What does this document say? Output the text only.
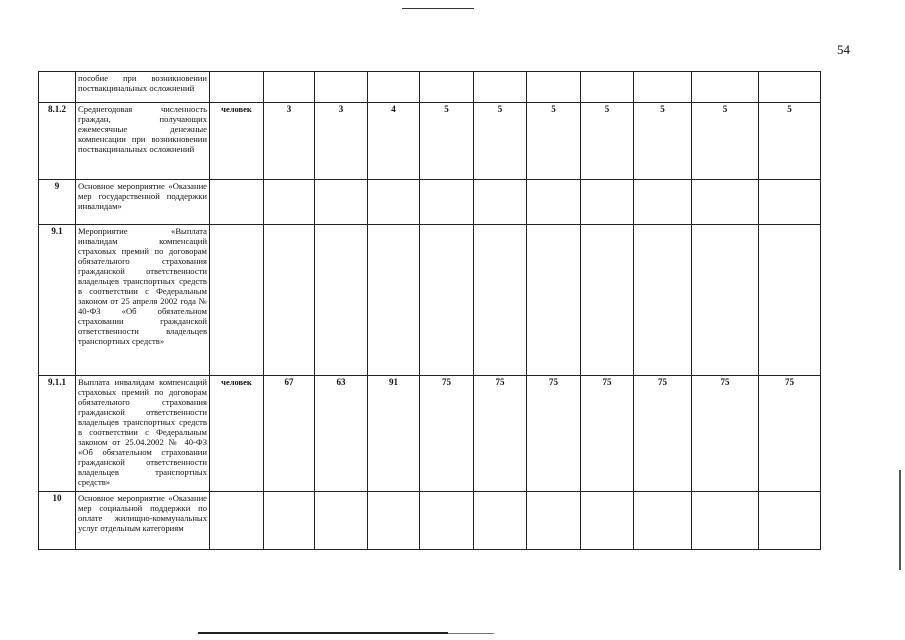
54
	пособие при возникновении поствакцинальных осложнений											
8.1.2	Среднегодовая численность граждан, получающих ежемесячные денежные компенсации при возникновении поствакцинальных осложнений	человек	3	3	4	5	5	5	5	5	5	5
9	Основное мероприятие «Оказание мер государственной поддержки инвалидам»											
9.1	Мероприятие «Выплата инвалидам компенсаций страховых премий по договорам обязательного страхования гражданской ответственности владельцев транспортных средств в соответствии с Федеральным законом от 25 апреля 2002 года № 40-ФЗ «Об обязательном страховании гражданской ответственности владельцев транспортных средств»											
9.1.1	Выплата инвалидам компенсаций страховых премий по договорам обязательного страхования гражданской ответственности владельцев транспортных средств в соответствии с Федеральным законом от 25.04.2002 № 40-ФЗ «Об обязательном страховании гражданской ответственности владельцев транспортных средств»	человек	67	63	91	75	75	75	75	75	75	75
10	Основное мероприятие «Оказание мер социальной поддержки по оплате жилищно-коммунальных услуг отдельным категориям											
